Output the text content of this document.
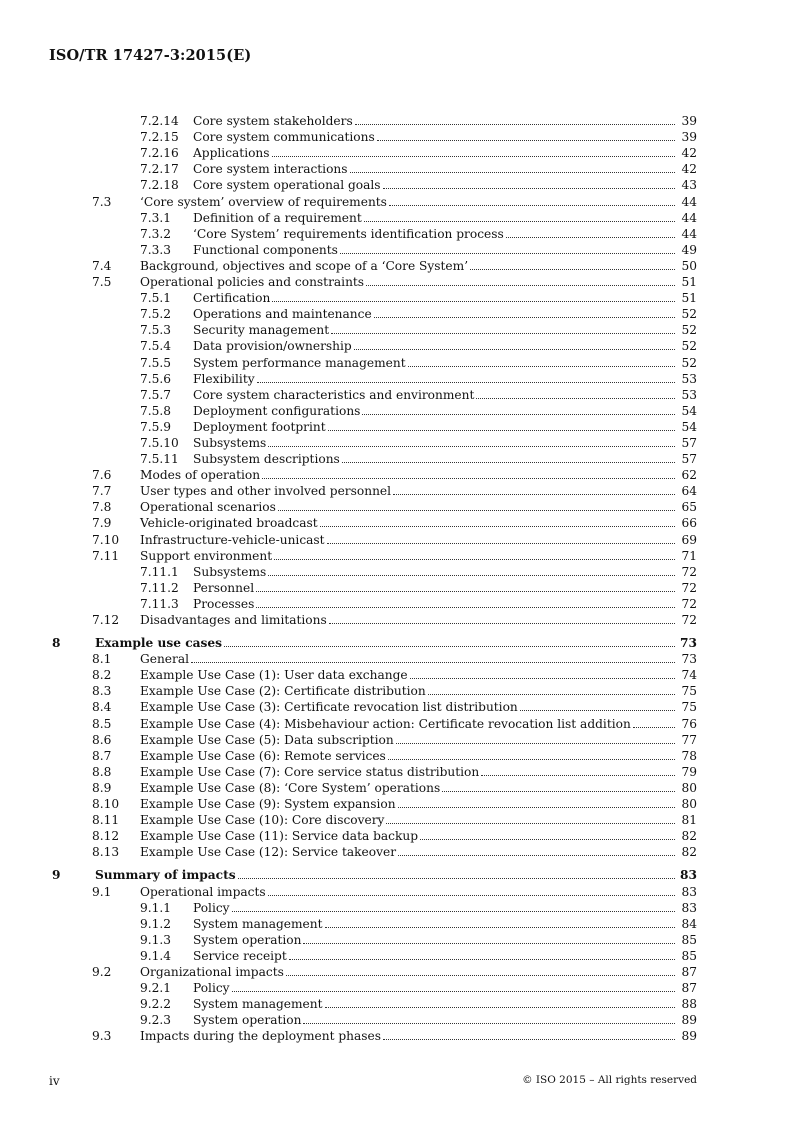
ISO/TR 17427-3:2015(E)
7.2.14 Core system stakeholders	39
7.2.15 Core system communications	39
7.2.16 Applications	42
7.2.17 Core system interactions	42
7.2.18 Core system operational goals	43
7.3 ‘Core system’ overview of requirements	44
7.3.1 Definition of a requirement	44
7.3.2 ‘Core System’ requirements identification process	44
7.3.3 Functional components	49
7.4 Background, objectives and scope of a ‘Core System’	50
7.5 Operational policies and constraints	51
7.5.1 Certification	51
7.5.2 Operations and maintenance	52
7.5.3 Security management	52
7.5.4 Data provision/ownership	52
7.5.5 System performance management	52
7.5.6 Flexibility	53
7.5.7 Core system characteristics and environment	53
7.5.8 Deployment configurations	54
7.5.9 Deployment footprint	54
7.5.10 Subsystems	57
7.5.11 Subsystem descriptions	57
7.6 Modes of operation	62
7.7 User types and other involved personnel	64
7.8 Operational scenarios	65
7.9 Vehicle-originated broadcast	66
7.10 Infrastructure-vehicle-unicast	69
7.11 Support environment	71
7.11.1 Subsystems	72
7.11.2 Personnel	72
7.11.3 Processes	72
7.12 Disadvantages and limitations	72
8	Example use cases	73
8.1 General	73
8.2 Example Use Case (1): User data exchange	74
8.3 Example Use Case (2): Certificate distribution	75
8.4 Example Use Case (3): Certificate revocation list distribution	75
8.5 Example Use Case (4): Misbehaviour action: Certificate revocation list addition	76
8.6 Example Use Case (5): Data subscription	77
8.7 Example Use Case (6): Remote services	78
8.8 Example Use Case (7): Core service status distribution	79
8.9 Example Use Case (8): ‘Core System’ operations	80
8.10 Example Use Case (9): System expansion	80
8.11 Example Use Case (10): Core discovery	81
8.12 Example Use Case (11): Service data backup	82
8.13 Example Use Case (12): Service takeover	82
9	Summary of impacts	83
9.1 Operational impacts	83
9.1.1 Policy	83
9.1.2 System management	84
9.1.3 System operation	85
9.1.4 Service receipt	85
9.2 Organizational impacts	87
9.2.1 Policy	87
9.2.2 System management	88
9.2.3 System operation	89
9.3 Impacts during the deployment phases	89
iv	© ISO 2015 – All rights reserved
